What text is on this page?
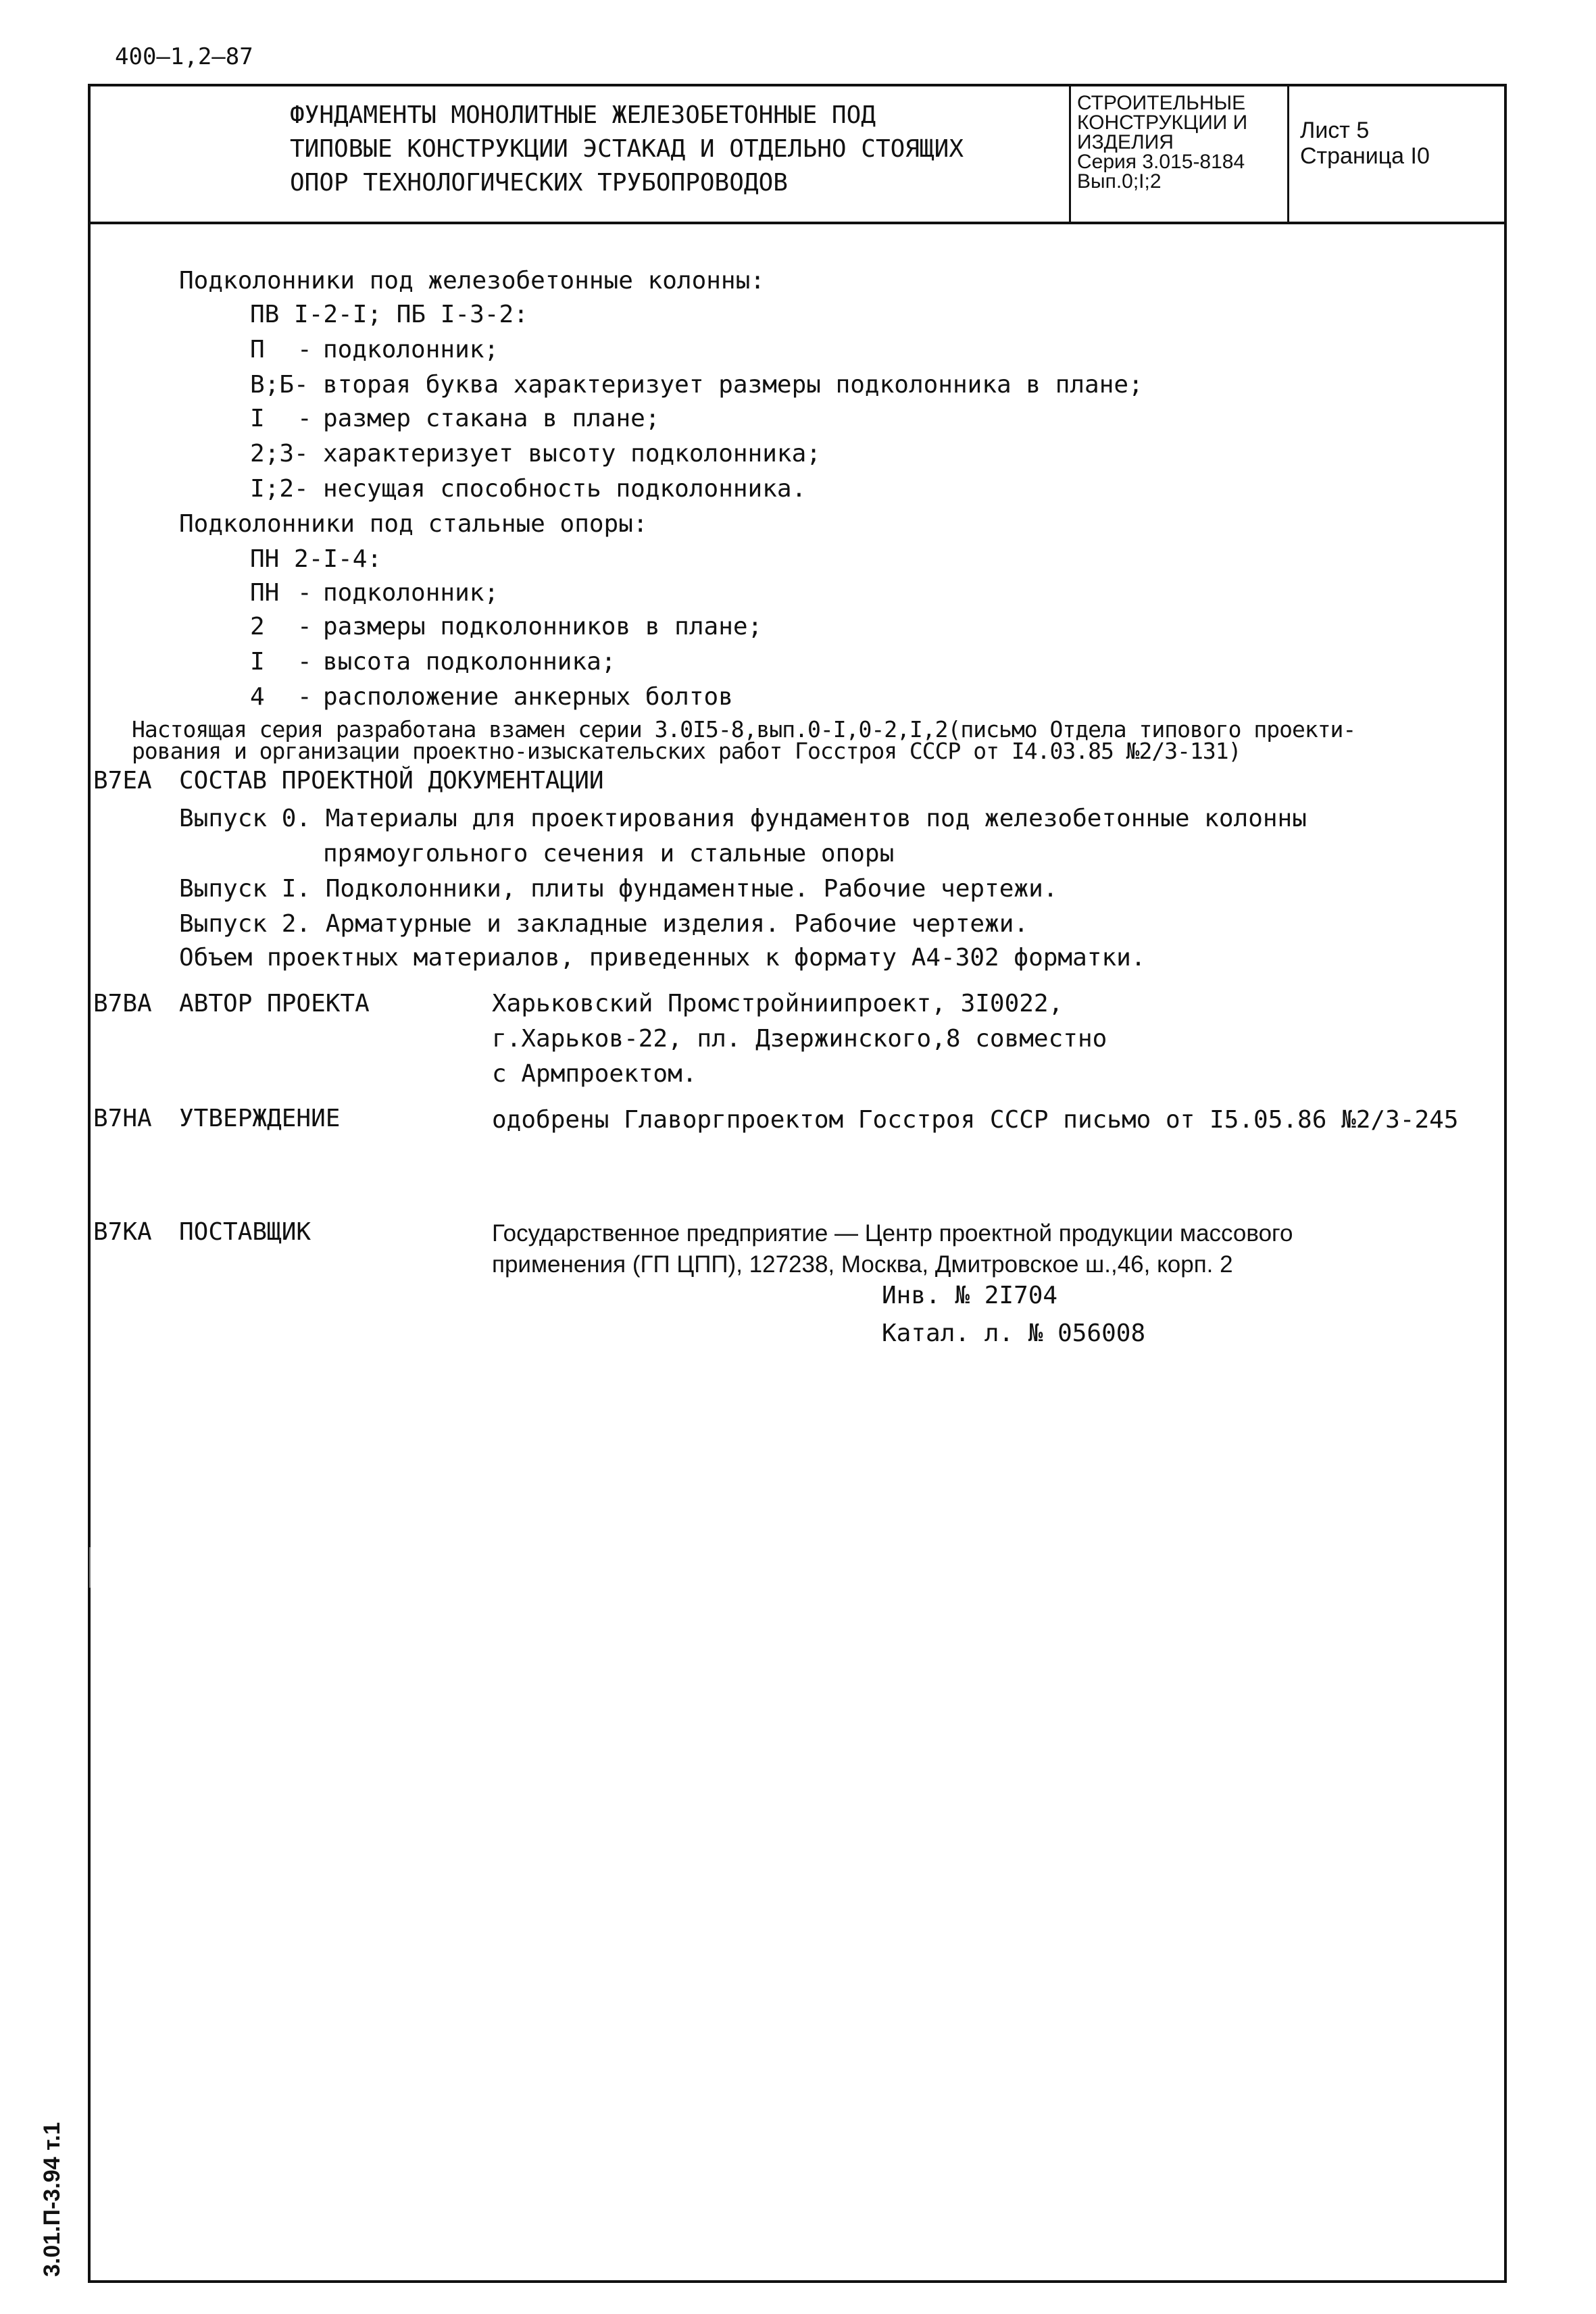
400—1,2—87
ФУНДАМЕНТЫ МОНОЛИТНЫЕ ЖЕЛЕЗОБЕТОННЫЕ ПОД
ТИПОВЫЕ КОНСТРУКЦИИ ЭСТАКАД И ОТДЕЛЬНО СТОЯЩИХ
ОПОР ТЕХНОЛОГИЧЕСКИХ ТРУБОПРОВОДОВ
СТРОИТЕЛЬНЫЕ
КОНСТРУКЦИИ И
ИЗДЕЛИЯ
Серия 3.015-8184
Вып.0;I;2
Лист 5
Страница I0
Подколонники под железобетонные колонны:
ПВ I-2-I; ПБ I-3-2:
П - подколонник;
В;Б- вторая буква характеризует размеры подколонника в плане;
I - размер стакана в плане;
2;3- характеризует высоту подколонника;
I;2- несущая способность подколонника.
Подколонники под стальные опоры:
ПН 2-I-4:
ПН - подколонник;
2 - размеры подколонников в плане;
I - высота подколонника;
4 - расположение анкерных болтов
Настоящая серия разработана взамен серии 3.0I5-8,вып.0-I,0-2,I,2(письмо Отдела типового проекти-
рования и организации проектно-изыскательских работ Госстроя СССР от I4.03.85 №2/3-131)
В7ЕА СОСТАВ ПРОЕКТНОЙ ДОКУМЕНТАЦИИ
Выпуск 0. Материалы для проектирования фундаментов под железобетонные колонны
прямоугольного сечения и стальные опоры
Выпуск I. Подколонники, плиты фундаментные. Рабочие чертежи.
Выпуск 2. Арматурные и закладные изделия. Рабочие чертежи.
Объем проектных материалов, приведенных к формату А4-302 форматки.
В7ВА АВТОР ПРОЕКТА	Харьковский Промстройниипроект, 3I0022,
г.Харьков-22, пл. Дзержинского,8 совместно
с Армпроектом.
В7НА УТВЕРЖДЕНИЕ	одобрены Главоргпроектом Госстроя СССР письмо от I5.05.86 №2/3-245
В7КА ПОСТАВЩИК	Государственное предприятие — Центр проектной продукции массового
применения (ГП ЦПП), 127238, Москва, Дмитровское ш.,46, корп. 2
Инв. № 2I704
Катал. л. № 056008
3.01.П-3.94 т.1
